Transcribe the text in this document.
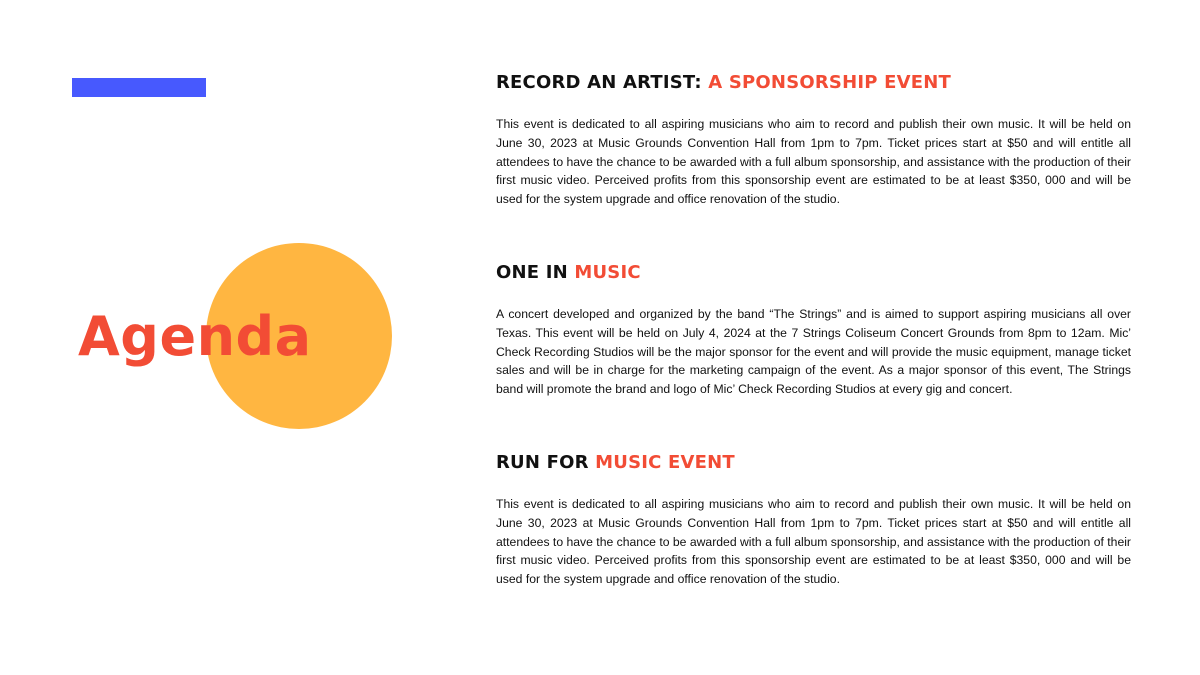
Agenda
RECORD AN ARTIST: A SPONSORSHIP EVENT

This event is dedicated to all aspiring musicians who aim to record and publish their own music. It will be held on June 30, 2023 at Music Grounds Convention Hall from 1pm to 7pm. Ticket prices start at $50 and will entitle all attendees to have the chance to be awarded with a full album sponsorship, and assistance with the production of their first music video. Perceived profits from this sponsorship event are estimated to be at least $350, 000 and will be used for the system upgrade and office renovation of the studio.

ONE IN MUSIC

A concert developed and organized by the band “The Strings” and is aimed to support aspiring musicians all over Texas. This event will be held on July 4, 2024 at the 7 Strings Coliseum Concert Grounds from 8pm to 12am. Mic’ Check Recording Studios will be the major sponsor for the event and will provide the music equipment, manage ticket sales and will be in charge for the marketing campaign of the event. As a major sponsor of this event, The Strings band will promote the brand and logo of Mic’ Check Recording Studios at every gig and concert.

RUN FOR MUSIC EVENT

This event is dedicated to all aspiring musicians who aim to record and publish their own music. It will be held on June 30, 2023 at Music Grounds Convention Hall from 1pm to 7pm. Ticket prices start at $50 and will entitle all attendees to have the chance to be awarded with a full album sponsorship, and assistance with the production of their first music video. Perceived profits from this sponsorship event are estimated to be at least $350, 000 and will be used for the system upgrade and office renovation of the studio.
